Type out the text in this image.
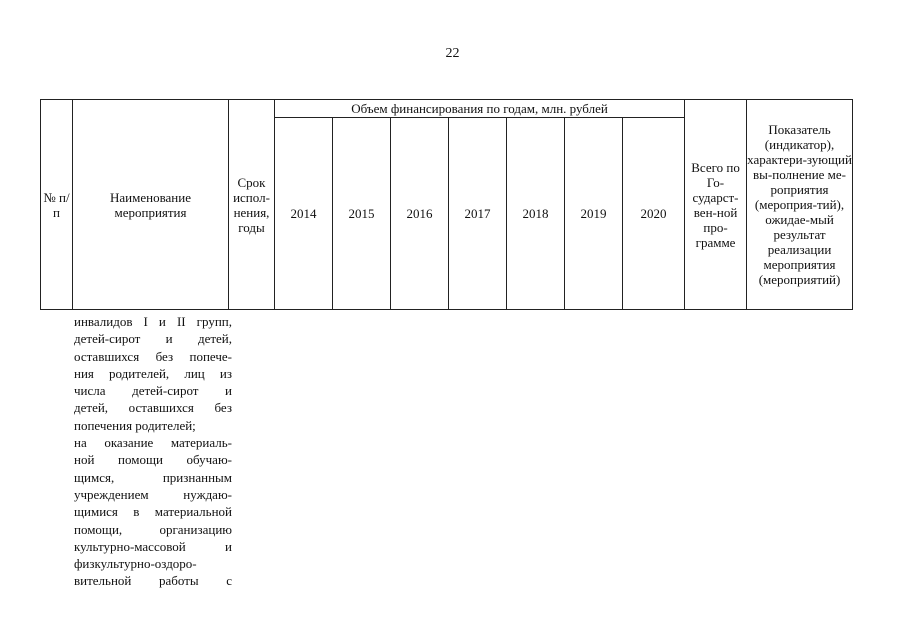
22
№ п/п	Наименование мероприятия	Срок испол-нения, годы	Объем финансирования по годам, млн. рублей							Всего по Го-сударст-вен-ной про-грамме	Показатель (индикатор), характери-зующий вы-полнение ме-роприятия (мероприя-тий), ожидае-мый результат реализации мероприятия (мероприятий)
			2014	2015	2016	2017	2018	2019	2020		
инвалидов I и II групп,
детей-сирот и детей,
оставшихся без попече-
ния родителей, лиц из
числа детей-сирот и
детей, оставшихся без
попечения родителей;
на оказание материаль-
ной помощи обучаю-
щимся, признанным
учреждением нуждаю-
щимися в материальной
помощи, организацию
культурно-массовой и
физкультурно-оздоро-
вительной работы с
